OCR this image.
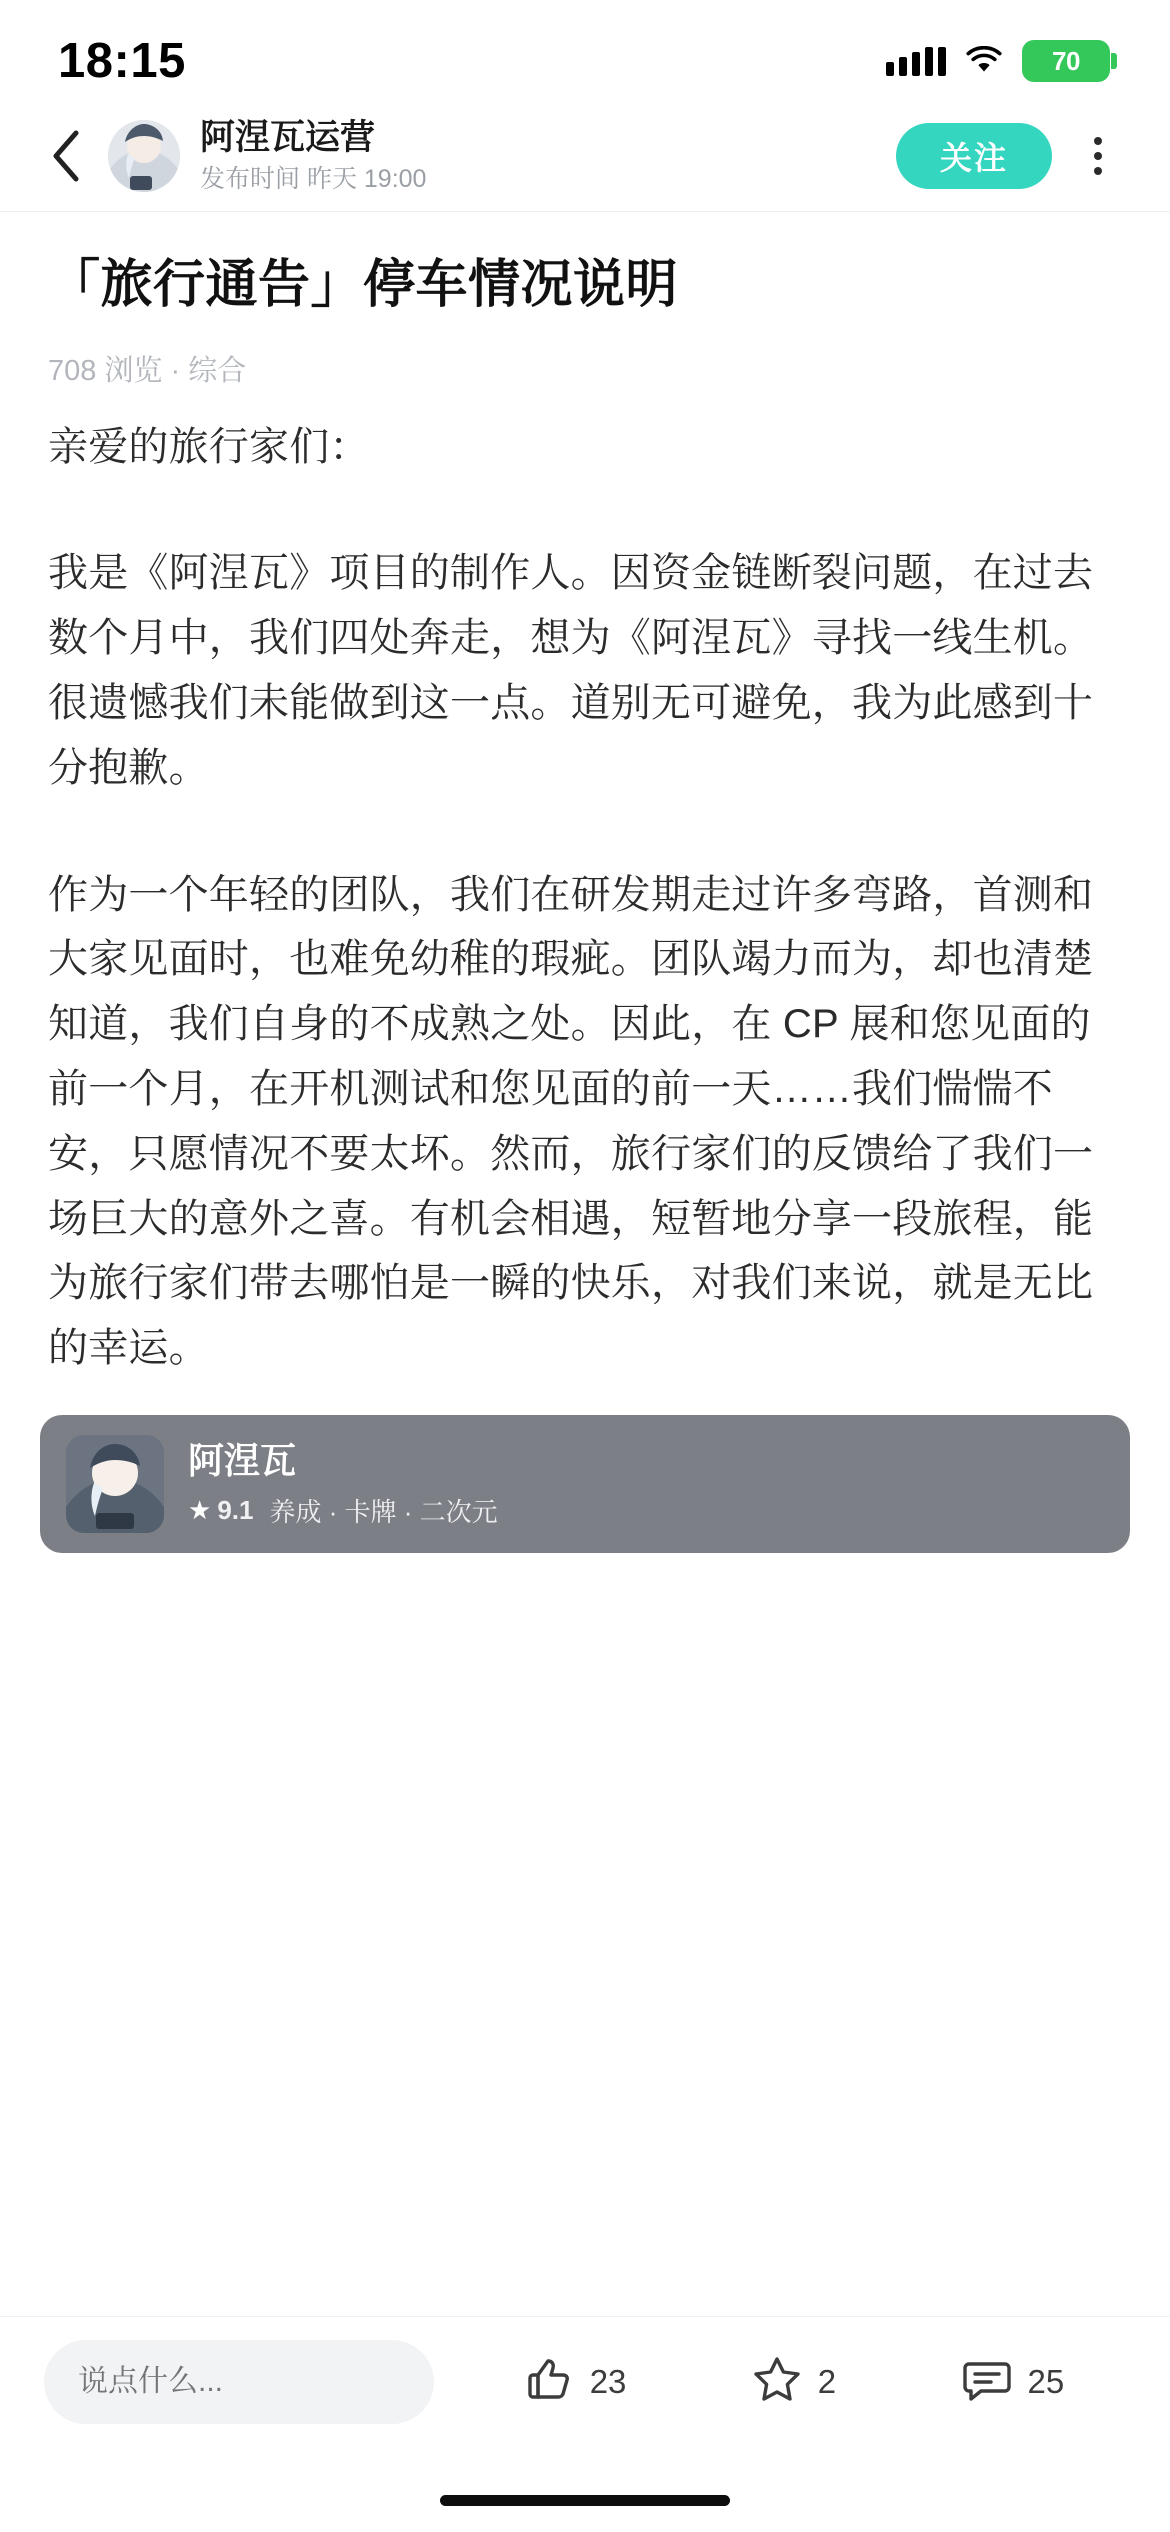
18:15	70
阿涅瓦运营
发布时间 昨天 19:00
关注
「旅行通告」停车情况说明
708 浏览 · 综合

亲爱的旅行家们：

我是《阿涅瓦》项目的制作人。因资金链断裂问题，在过去数个月中，我们四处奔走，想为《阿涅瓦》寻找一线生机。很遗憾我们未能做到这一点。道别无可避免，我为此感到十分抱歉。

作为一个年轻的团队，我们在研发期走过许多弯路，首测和大家见面时，也难免幼稚的瑕疵。团队竭力而为，却也清楚知道，我们自身的不成熟之处。因此，在 CP 展和您见面的前一个月，在开机测试和您见面的前一天……我们惴惴不安，只愿情况不要太坏。然而，旅行家们的反馈给了我们一场巨大的意外之喜。有机会相遇，短暂地分享一段旅程，能为旅行家们带去哪怕是一瞬的快乐，对我们来说，就是无比的幸运。

阿涅瓦
★ 9.1 养成 · 卡牌 · 二次元
说点什么...
23	2	25
